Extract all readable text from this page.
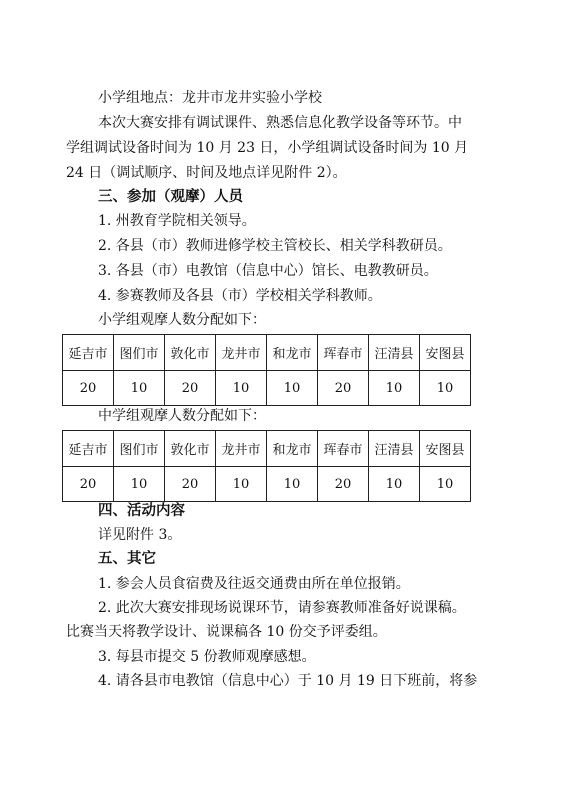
小学组地点：龙井市龙井实验小学校
本次大赛安排有调试课件、熟悉信息化教学设备等环节。中
学组调试设备时间为 10 月 23 日，小学组调试设备时间为 10 月
24 日（调试顺序、时间及地点详见附件 2）。
三、参加（观摩）人员
1. 州教育学院相关领导。
2. 各县（市）教师进修学校主管校长、相关学科教研员。
3. 各县（市）电教馆（信息中心）馆长、电教教研员。
4. 参赛教师及各县（市）学校相关学科教师。
小学组观摩人数分配如下：
延吉市	图们市	敦化市	龙井市	和龙市	珲春市	汪清县	安图县
20	10	20	10	10	20	10	10
中学组观摩人数分配如下：
延吉市	图们市	敦化市	龙井市	和龙市	珲春市	汪清县	安图县
20	10	20	10	10	20	10	10
四、活动内容
详见附件 3。
五、其它
1. 参会人员食宿费及往返交通费由所在单位报销。
2. 此次大赛安排现场说课环节，请参赛教师准备好说课稿。
比赛当天将教学设计、说课稿各 10 份交予评委组。
3. 每县市提交 5 份教师观摩感想。
4. 请各县市电教馆（信息中心）于 10 月 19 日下班前，将参
